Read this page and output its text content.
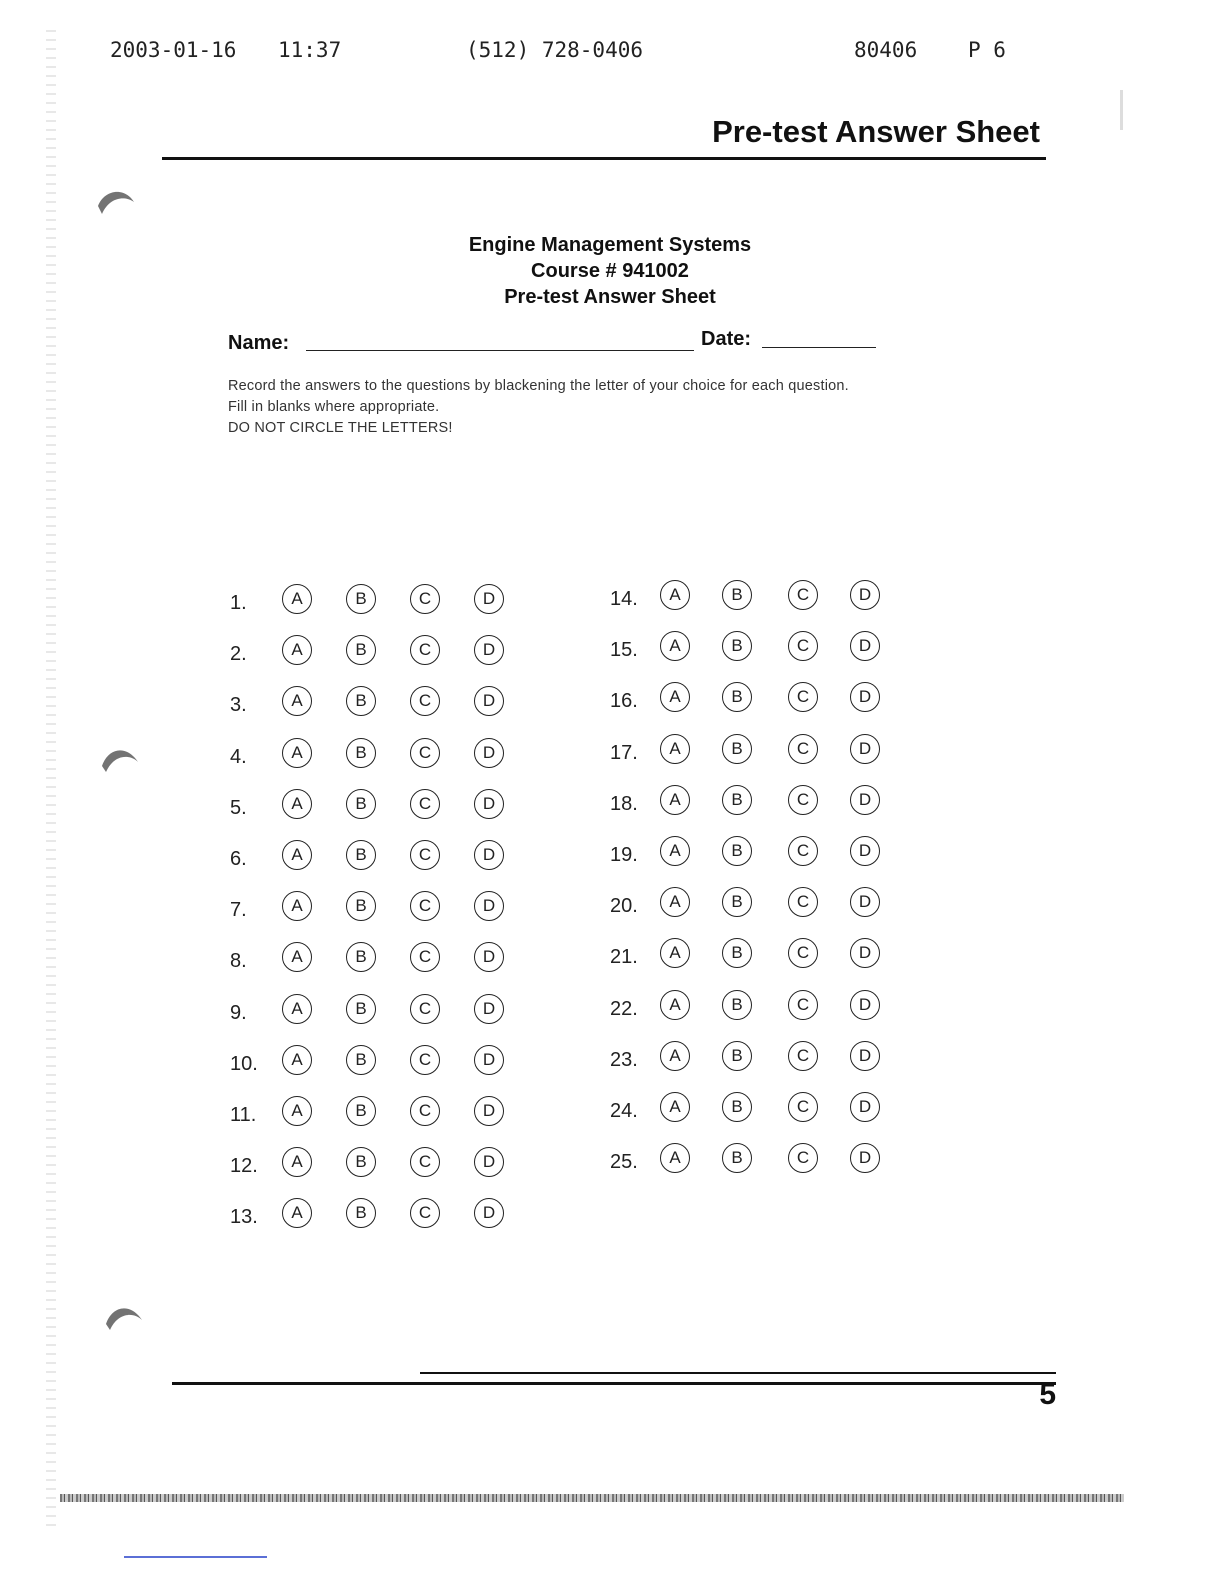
2003-01-16 11:37	(512) 728-0406	80406 P 6
Pre-test Answer Sheet
Engine Management Systems
Course # 941002
Pre-test Answer Sheet
Name:	Date:
Record the answers to the questions by blackening the letter of your choice for each question.
Fill in blanks where appropriate.
DO NOT CIRCLE THE LETTERS!
1.	A	B	C	D
2.	A	B	C	D
3.	A	B	C	D
4.	A	B	C	D
5.	A	B	C	D
6.	A	B	C	D
7.	A	B	C	D
8.	A	B	C	D
9.	A	B	C	D
10.	A	B	C	D
11.	A	B	C	D
12.	A	B	C	D
13.	A	B	C	D
14.	A	B	C	D
15.	A	B	C	D
16.	A	B	C	D
17.	A	B	C	D
18.	A	B	C	D
19.	A	B	C	D
20.	A	B	C	D
21.	A	B	C	D
22.	A	B	C	D
23.	A	B	C	D
24.	A	B	C	D
25.	A	B	C	D
5
